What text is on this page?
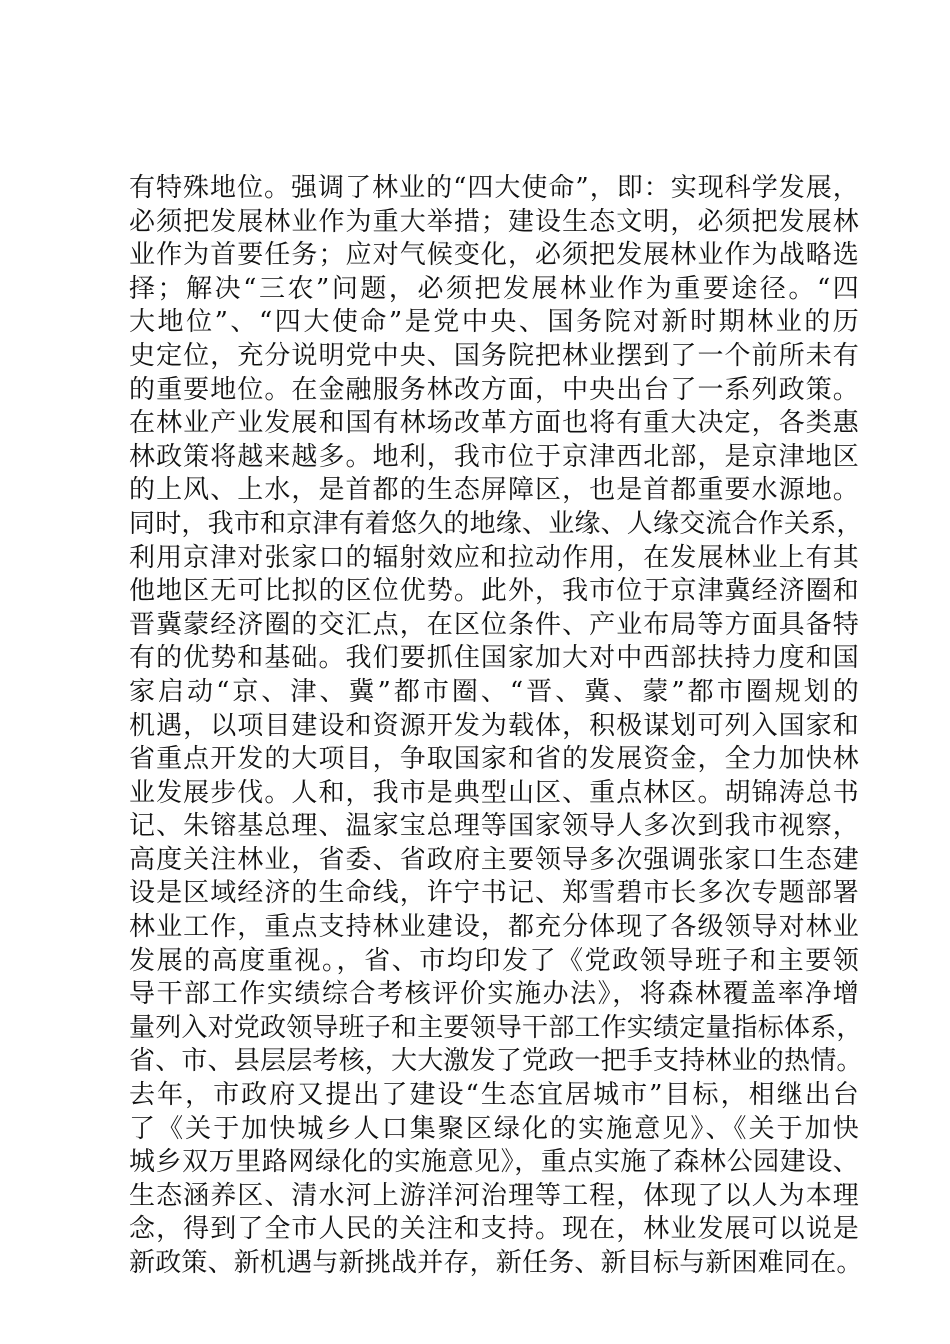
有特殊地位。强调了林业的“四大使命”，即：实现科学发展，
必须把发展林业作为重大举措；建设生态文明，必须把发展林
业作为首要任务；应对气候变化，必须把发展林业作为战略选
择；解决“三农”问题，必须把发展林业作为重要途径。“四
大地位”、“四大使命”是党中央、国务院对新时期林业的历
史定位，充分说明党中央、国务院把林业摆到了一个前所未有
的重要地位。在金融服务林改方面，中央出台了一系列政策。
在林业产业发展和国有林场改革方面也将有重大决定，各类惠
林政策将越来越多。地利，我市位于京津西北部，是京津地区
的上风、上水，是首都的生态屏障区，也是首都重要水源地。
同时，我市和京津有着悠久的地缘、业缘、人缘交流合作关系，
利用京津对张家口的辐射效应和拉动作用，在发展林业上有其
他地区无可比拟的区位优势。此外，我市位于京津冀经济圈和
晋冀蒙经济圈的交汇点，在区位条件、产业布局等方面具备特
有的优势和基础。我们要抓住国家加大对中西部扶持力度和国
家启动“京、津、冀”都市圈、“晋、冀、蒙”都市圈规划的
机遇，以项目建设和资源开发为载体，积极谋划可列入国家和
省重点开发的大项目，争取国家和省的发展资金，全力加快林
业发展步伐。人和，我市是典型山区、重点林区。胡锦涛总书
记、朱镕基总理、温家宝总理等国家领导人多次到我市视察，
高度关注林业，省委、省政府主要领导多次强调张家口生态建
设是区域经济的生命线，许宁书记、郑雪碧市长多次专题部署
林业工作，重点支持林业建设，都充分体现了各级领导对林业
发展的高度重视。，省、市均印发了《党政领导班子和主要领
导干部工作实绩综合考核评价实施办法》，将森林覆盖率净增
量列入对党政领导班子和主要领导干部工作实绩定量指标体系，
省、市、县层层考核，大大激发了党政一把手支持林业的热情。
去年，市政府又提出了建设“生态宜居城市”目标，相继出台
了《关于加快城乡人口集聚区绿化的实施意见》、《关于加快
城乡双万里路网绿化的实施意见》，重点实施了森林公园建设、
生态涵养区、清水河上游洋河治理等工程，体现了以人为本理
念，得到了全市人民的关注和支持。现在，林业发展可以说是
新政策、新机遇与新挑战并存，新任务、新目标与新困难同在。
